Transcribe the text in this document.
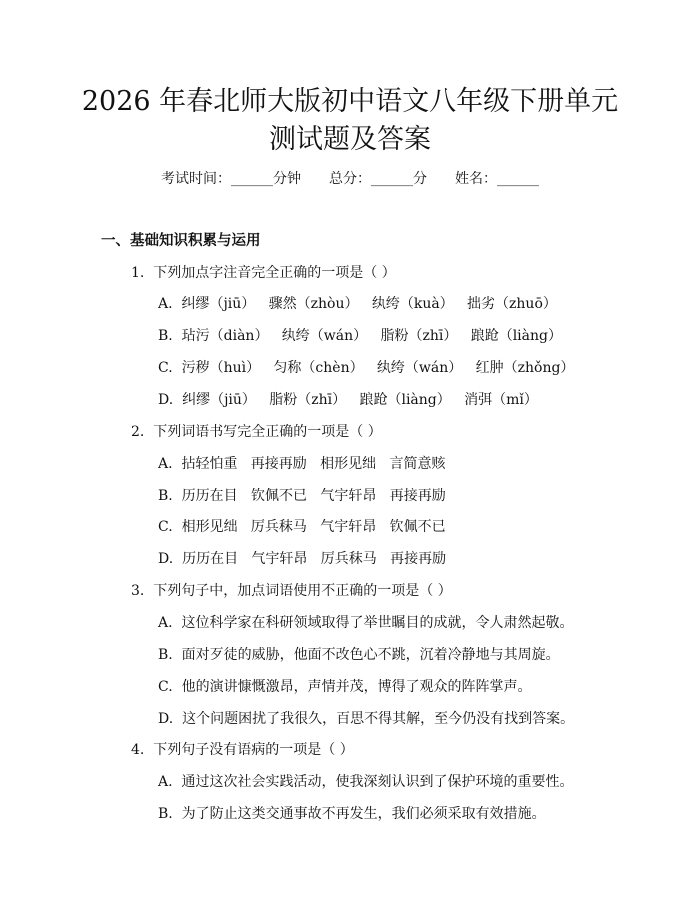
2026 年春北师大版初中语文八年级下册单元
测试题及答案
考试时间：______分钟　　总分：______分　　姓名：______
一、基础知识积累与运用
1.  下列加点字注音完全正确的一项是（ ）
A.  纠缪（jiū）   骤然（zhòu）   纨绔（kuà）   拙劣（zhuō）
B.  玷污（diàn）   纨绔（wán）   脂粉（zhī）   踉跄（liàng）
C.  污秽（huì）   匀称（chèn）   纨绔（wán）   红肿（zhǒng）
D.  纠缪（jiū）   脂粉（zhī）   踉跄（liàng）   消弭（mǐ）
2.  下列词语书写完全正确的一项是（ ）
A.  拈轻怕重   再接再励   相形见绌   言简意赅
B.  历历在目   钦佩不已   气宇轩昂   再接再励
C.  相形见绌   厉兵秣马   气宇轩昂   钦佩不已
D.  历历在目   气宇轩昂   厉兵秣马   再接再励
3.  下列句子中，加点词语使用不正确的一项是（ ）
A.  这位科学家在科研领域取得了举世瞩目的成就，令人肃然起敬。
B.  面对歹徒的威胁，他面不改色心不跳，沉着冷静地与其周旋。
C.  他的演讲慷慨激昂，声情并茂，博得了观众的阵阵掌声。
D.  这个问题困扰了我很久，百思不得其解，至今仍没有找到答案。
4.  下列句子没有语病的一项是（ ）
A.  通过这次社会实践活动，使我深刻认识到了保护环境的重要性。
B.  为了防止这类交通事故不再发生，我们必须采取有效措施。
